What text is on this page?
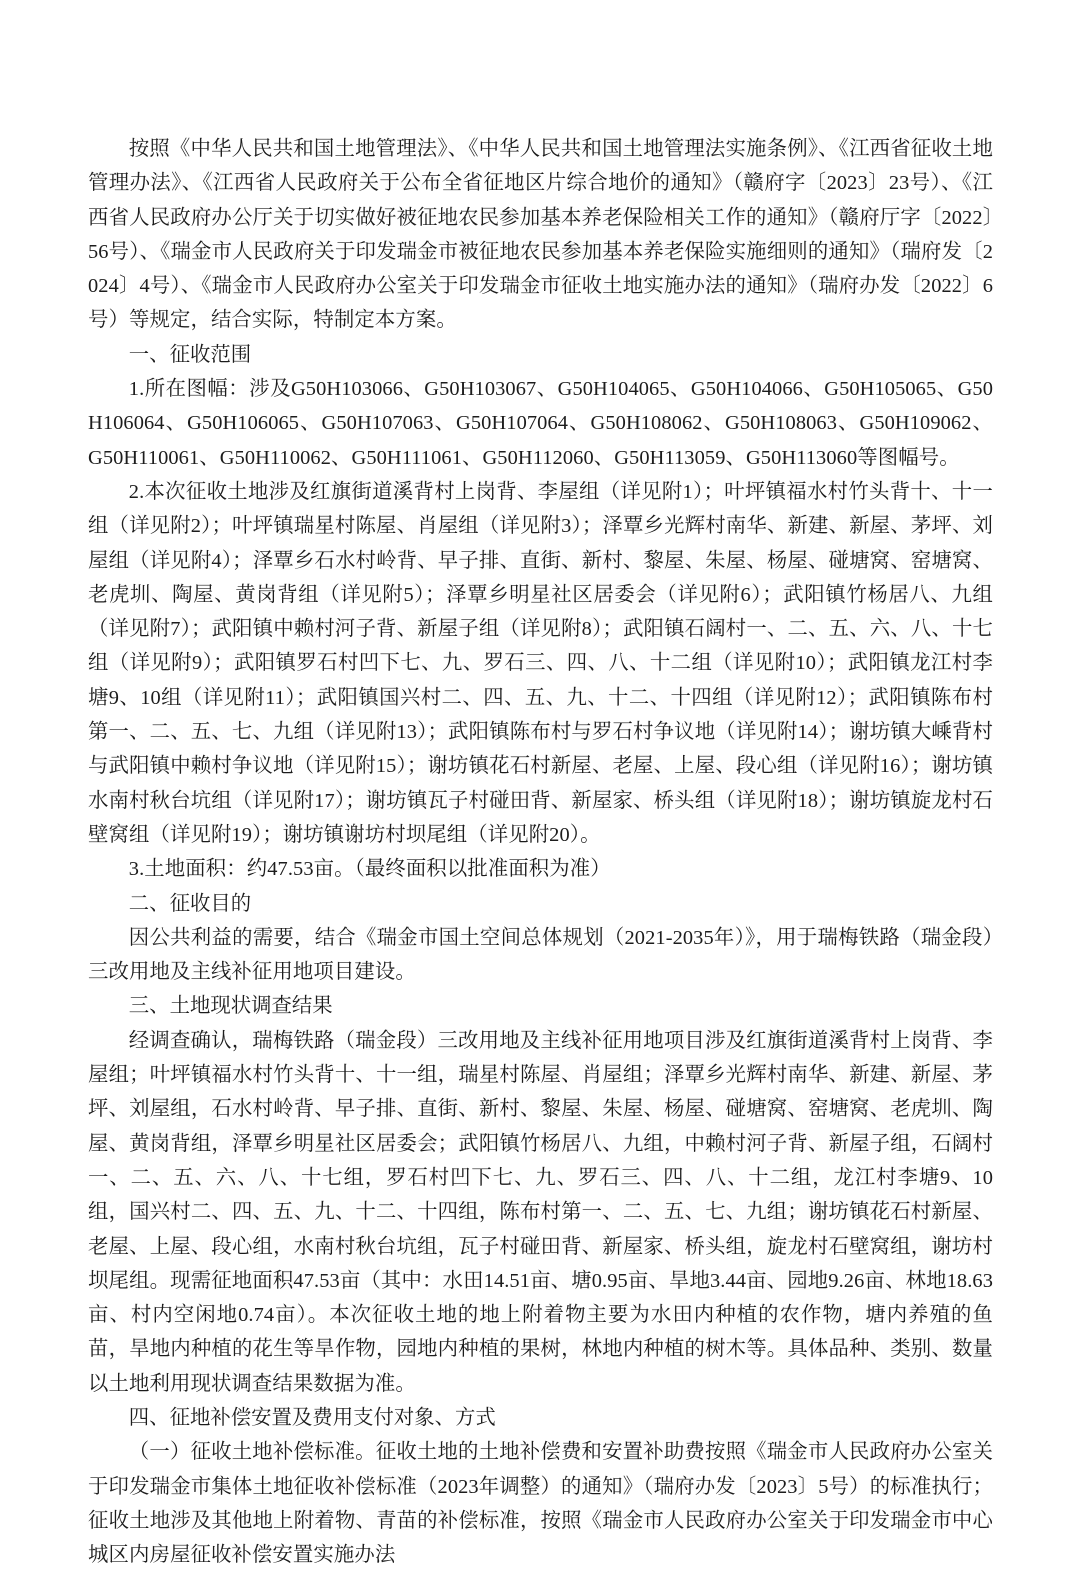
按照《中华人民共和国土地管理法》、《中华人民共和国土地管理法实施条例》、《江西省征收土地管理办法》、《江西省人民政府关于公布全省征地区片综合地价的通知》（赣府字〔2023〕23号）、《江西省人民政府办公厅关于切实做好被征地农民参加基本养老保险相关工作的通知》（赣府厅字〔2022〕56号）、《瑞金市人民政府关于印发瑞金市被征地农民参加基本养老保险实施细则的通知》（瑞府发〔2024〕4号）、《瑞金市人民政府办公室关于印发瑞金市征收土地实施办法的通知》（瑞府办发〔2022〕6号）等规定，结合实际，特制定本方案。

一、征收范围

1.所在图幅：涉及G50H103066、G50H103067、G50H104065、G50H104066、G50H105065、G50H106064、G50H106065、G50H107063、G50H107064、G50H108062、G50H108063、G50H109062、G50H110061、G50H110062、G50H111061、G50H112060、G50H113059、G50H113060等图幅号。

2.本次征收土地涉及红旗街道溪背村上岗背、李屋组（详见附1）；叶坪镇福水村竹头背十、十一组（详见附2）；叶坪镇瑞星村陈屋、肖屋组（详见附3）；泽覃乡光辉村南华、新建、新屋、茅坪、刘屋组（详见附4）；泽覃乡石水村岭背、早子排、直街、新村、黎屋、朱屋、杨屋、碰塘窝、窑塘窝、老虎圳、陶屋、黄岗背组（详见附5）；泽覃乡明星社区居委会（详见附6）；武阳镇竹杨居八、九组（详见附7）；武阳镇中赖村河子背、新屋子组（详见附8）；武阳镇石阔村一、二、五、六、八、十七组（详见附9）；武阳镇罗石村凹下七、九、罗石三、四、八、十二组（详见附10）；武阳镇龙江村李塘9、10组（详见附11）；武阳镇国兴村二、四、五、九、十二、十四组（详见附12）；武阳镇陈布村第一、二、五、七、九组（详见附13）；武阳镇陈布村与罗石村争议地（详见附14）；谢坊镇大嵊背村与武阳镇中赖村争议地（详见附15）；谢坊镇花石村新屋、老屋、上屋、段心组（详见附16）；谢坊镇水南村秋台坑组（详见附17）；谢坊镇瓦子村碰田背、新屋家、桥头组（详见附18）；谢坊镇旋龙村石壁窝组（详见附19）；谢坊镇谢坊村坝尾组（详见附20）。

3.土地面积：约47.53亩。（最终面积以批准面积为准）

二、征收目的

因公共利益的需要，结合《瑞金市国土空间总体规划（2021-2035年）》，用于瑞梅铁路（瑞金段）三改用地及主线补征用地项目建设。

三、土地现状调查结果

经调查确认，瑞梅铁路（瑞金段）三改用地及主线补征用地项目涉及红旗街道溪背村上岗背、李屋组；叶坪镇福水村竹头背十、十一组，瑞星村陈屋、肖屋组；泽覃乡光辉村南华、新建、新屋、茅坪、刘屋组，石水村岭背、早子排、直街、新村、黎屋、朱屋、杨屋、碰塘窝、窑塘窝、老虎圳、陶屋、黄岗背组，泽覃乡明星社区居委会；武阳镇竹杨居八、九组，中赖村河子背、新屋子组，石阔村一、二、五、六、八、十七组，罗石村凹下七、九、罗石三、四、八、十二组，龙江村李塘9、10组，国兴村二、四、五、九、十二、十四组，陈布村第一、二、五、七、九组；谢坊镇花石村新屋、老屋、上屋、段心组，水南村秋台坑组，瓦子村碰田背、新屋家、桥头组，旋龙村石壁窝组，谢坊村坝尾组。现需征地面积47.53亩（其中：水田14.51亩、塘0.95亩、旱地3.44亩、园地9.26亩、林地18.63亩、村内空闲地0.74亩）。本次征收土地的地上附着物主要为水田内种植的农作物，塘内养殖的鱼苗，旱地内种植的花生等旱作物，园地内种植的果树，林地内种植的树木等。具体品种、类别、数量以土地利用现状调查结果数据为准。

四、征地补偿安置及费用支付对象、方式

（一）征收土地补偿标准。征收土地的土地补偿费和安置补助费按照《瑞金市人民政府办公室关于印发瑞金市集体土地征收补偿标准（2023年调整）的通知》（瑞府办发〔2023〕5号）的标准执行；征收土地涉及其他地上附着物、青苗的补偿标准，按照《瑞金市人民政府办公室关于印发瑞金市中心城区内房屋征收补偿安置实施办法
